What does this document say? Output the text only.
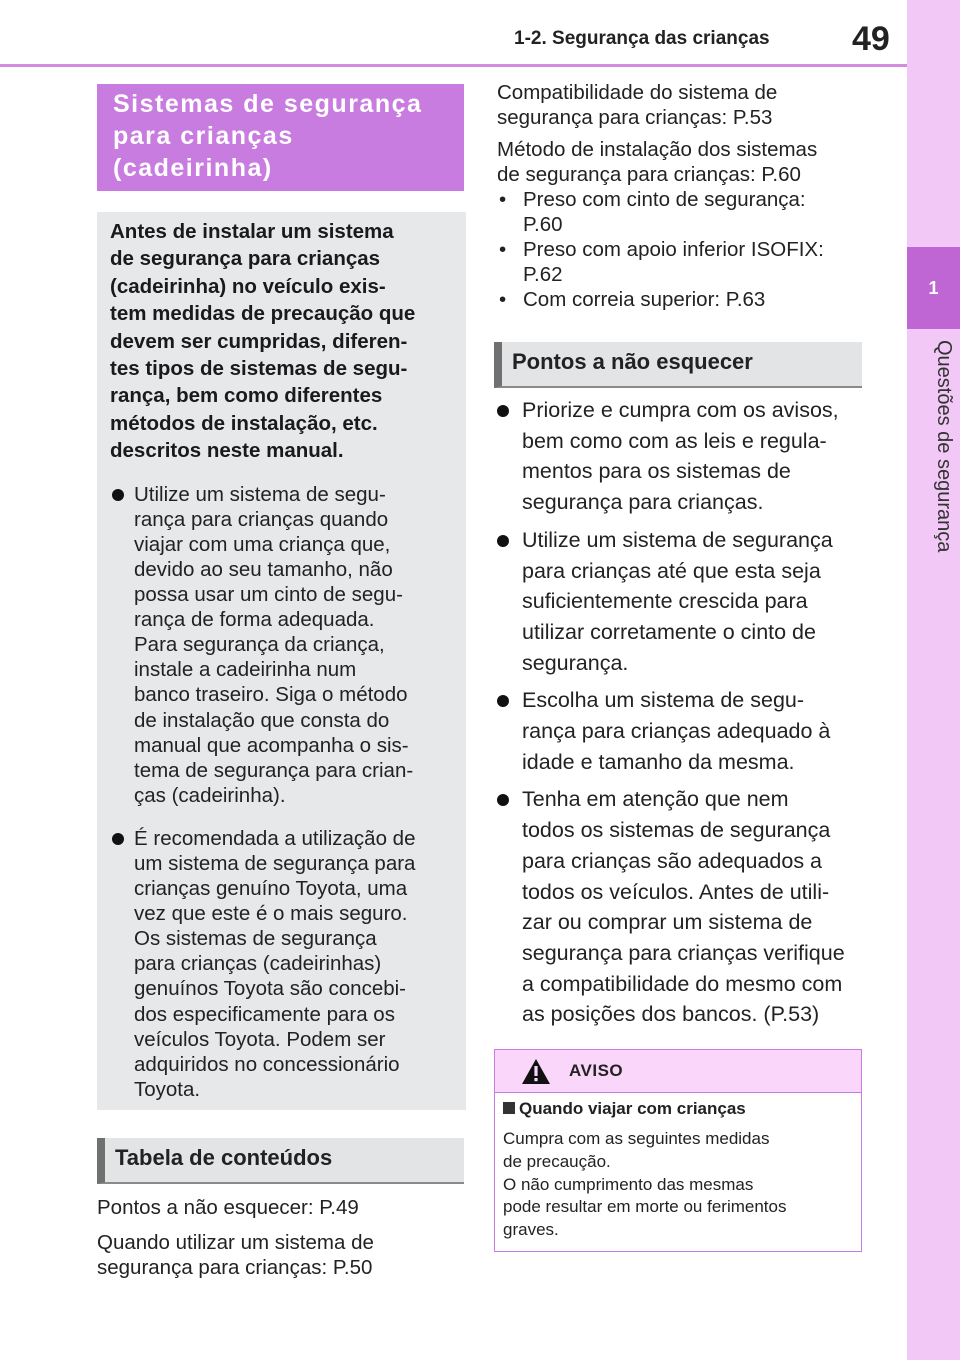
1-2. Segurança das crianças 49
1
Questões de segurança
Sistemas de segurança
para crianças
(cadeirinha)
Antes de instalar um sistema
de segurança para crianças
(cadeirinha) no veículo exis-
tem medidas de precaução que
devem ser cumpridas, diferen-
tes tipos de sistemas de segu-
rança, bem como diferentes
métodos de instalação, etc.
descritos neste manual.
Utilize um sistema de segu-
rança para crianças quando
viajar com uma criança que,
devido ao seu tamanho, não
possa usar um cinto de segu-
rança de forma adequada.
Para segurança da criança,
instale a cadeirinha num
banco traseiro. Siga o método
de instalação que consta do
manual que acompanha o sis-
tema de segurança para crian-
ças (cadeirinha).
É recomendada a utilização de
um sistema de segurança para
crianças genuíno Toyota, uma
vez que este é o mais seguro.
Os sistemas de segurança
para crianças (cadeirinhas)
genuínos Toyota são concebi-
dos especificamente para os
veículos Toyota. Podem ser
adquiridos no concessionário
Toyota.
Tabela de conteúdos
Pontos a não esquecer: P.49
Quando utilizar um sistema de
segurança para crianças: P.50
Compatibilidade do sistema de
segurança para crianças: P.53
Método de instalação dos sistemas
de segurança para crianças: P.60
• Preso com cinto de segurança:
P.60
• Preso com apoio inferior ISOFIX:
P.62
• Com correia superior: P.63
Pontos a não esquecer
Priorize e cumpra com os avisos,
bem como com as leis e regula-
mentos para os sistemas de
segurança para crianças.
Utilize um sistema de segurança
para crianças até que esta seja
suficientemente crescida para
utilizar corretamente o cinto de
segurança.
Escolha um sistema de segu-
rança para crianças adequado à
idade e tamanho da mesma.
Tenha em atenção que nem
todos os sistemas de segurança
para crianças são adequados a
todos os veículos. Antes de utili-
zar ou comprar um sistema de
segurança para crianças verifique
a compatibilidade do mesmo com
as posições dos bancos. (P.53)
AVISO
Quando viajar com crianças
Cumpra com as seguintes medidas
de precaução.
O não cumprimento das mesmas
pode resultar em morte ou ferimentos
graves.
